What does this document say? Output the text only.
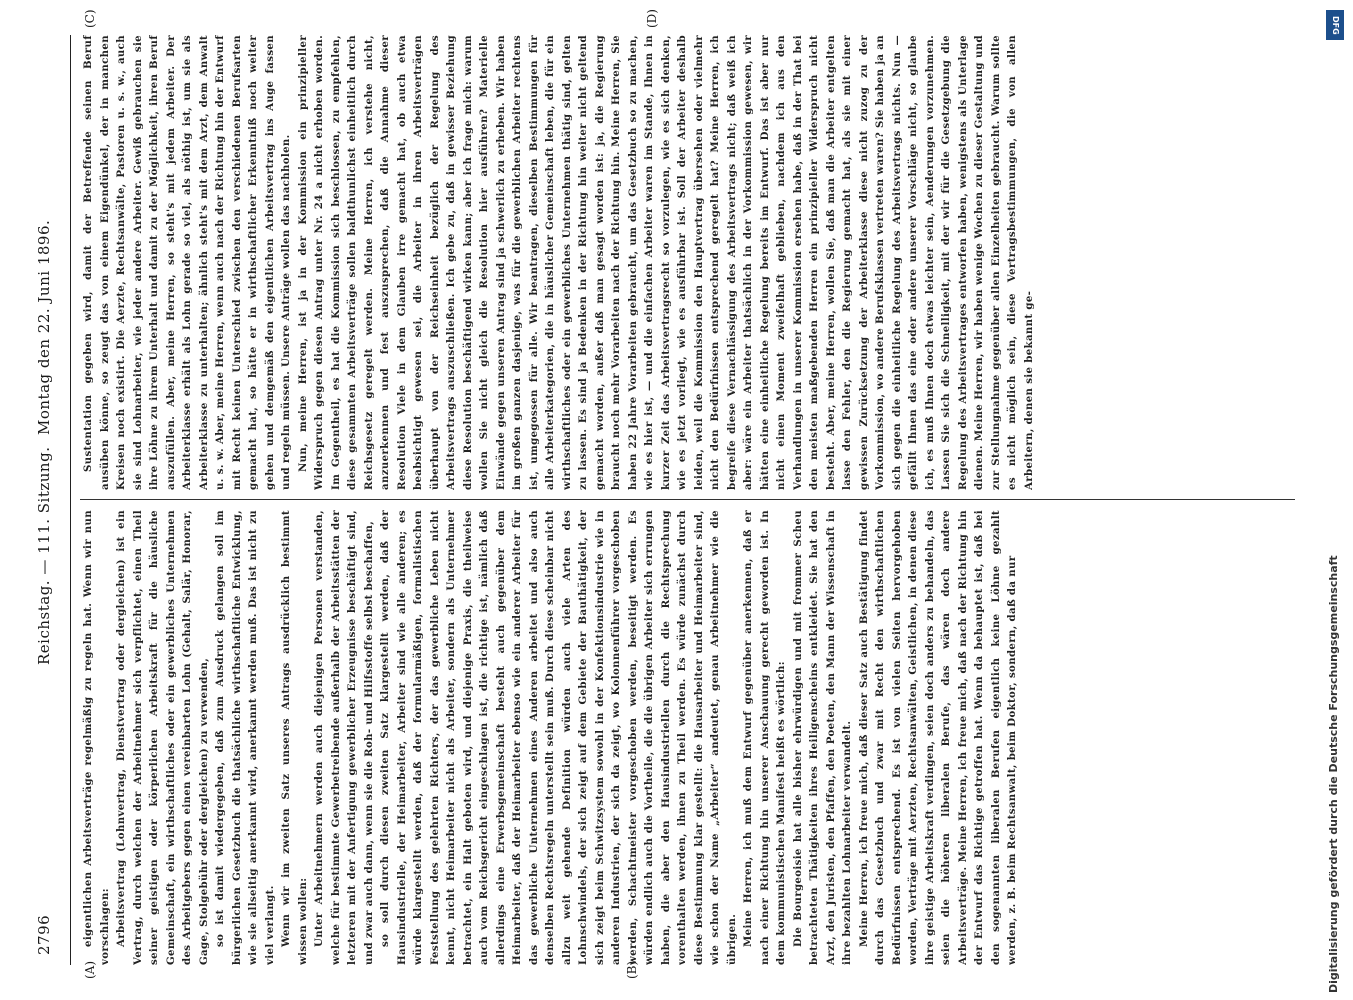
2796
Reichstag. — 111. Sitzung.
Montag den 22. Juni 1896.
(A)	(B)
(C)	(D)

eigentlichen Arbeitsverträge regelmäßig zu regeln hat. Wenn wir nun vorschlagen: Arbeitsvertrag (Lohnvertrag, Dienstvertrag oder dergleichen) ist ein Vertrag, durch welchen der Arbeitnehmer sich verpflichtet, einen Theil seiner geistigen oder körperlichen Arbeitskraft für die häusliche Gemeinschaft, ein wirthschaftliches oder ein gewerbliches Unternehmen des Arbeitgebers gegen einen vereinbarten Lohn (Gehalt, Salär, Honorar, Gage, Stolgebühr oder dergleichen) zu verwenden, so ist damit wiedergegeben, daß zum Ausdruck gelangen soll im bürgerlichen Gesetzbuch die thatsächliche wirthschaftliche Entwicklung, wie sie allseitig anerkannt wird, anerkannt werden muß. Das ist nicht zu viel verlangt. Wenn wir im zweiten Satz unseres Antrags ausdrücklich bestimmt wissen wollen: Unter Arbeitnehmern werden auch diejenigen Personen verstanden, welche für bestimmte Gewerbetreibende außerhalb der Arbeitsstätten der letzteren mit der Anfertigung gewerblicher Erzeugnisse beschäftigt sind, und zwar auch dann, wenn sie die Roh- und Hilfsstoffe selbst beschaffen, so soll durch diesen zweiten Satz klargestellt werden, daß der Hausindustrielle, der Heimarbeiter, Arbeiter sind wie alle anderen; es würde klargestellt werden, daß der formularmäßigen, formalistischen Feststellung des gelehrten Richters, der das gewerbliche Leben nicht kennt, nicht Heimarbeiter nicht als Arbeiter, sondern als Unternehmer betrachtet, ein Halt geboten wird, und diejenige Praxis, die theilweise auch vom Reichsgericht eingeschlagen ist, die richtige ist, nämlich daß allerdings eine Erwerbsgemeinschaft besteht auch gegenüber dem Heimarbeiter, daß der Heimarbeiter ebenso wie ein anderer Arbeiter für das gewerbliche Unternehmen eines Anderen arbeitet und also auch denselben Rechtsregeln unterstellt sein muß. Durch diese scheinbar nicht allzu weit gehende Definition würden auch viele Arten des Lohnschwindels, der sich zeigt auf dem Gebiete der Bauthätigkeit, der sich zeigt beim Schwitzsystem sowohl in der Konfektionsindustrie wie in anderen Industrien, der sich da zeigt, wo Kolonnenführer vorgeschoben werden, Schachtmeister vorgeschoben werden, beseitigt werden. Es würden endlich auch die Vortheile, die die übrigen Arbeiter sich errungen haben, die aber den Hausindustriellen durch die Rechtsprechung vorenthalten werden, ihnen zu Theil werden. Es würde zunächst durch diese Bestimmung klar gestellt: die Hausarbeiter und Heimarbeiter sind, wie schon der Name „Arbeiter“ andeutet, genau Arbeitnehmer wie die übrigen. Meine Herren, ich muß dem Entwurf gegenüber anerkennen, daß er nach einer Richtung hin unserer Anschauung gerecht geworden ist. In dem kommunistischen Manifest heißt es wörtlich: Die Bourgeoisie hat alle bisher ehrwürdigen und mit frommer Scheu betrachteten Thätigkeiten ihres Heiligenscheins entkleidet. Sie hat den Arzt, den Juristen, den Pfaffen, den Poeten, den Mann der Wissenschaft in ihre bezahlten Lohnarbeiter verwandelt. Meine Herren, ich freue mich, daß dieser Satz auch Bestätigung findet durch das Gesetzbuch und zwar mit Recht den wirthschaftlichen Bedürfnissen entsprechend. Es ist von vielen Seiten hervorgehoben worden, Verträge mit Aerzten, Rechtsanwälten, Geistlichen, in denen diese ihre geistige Arbeitskraft verdingen, seien doch anders zu behandeln, das seien die höheren liberalen Berufe, das wären doch andere Arbeitsverträge. Meine Herren, ich freue mich, daß nach der Richtung hin der Entwurf das Richtige getroffen hat. Wenn da behauptet ist, daß bei den sogenannten liberalen Berufen eigentlich keine Löhne gezahlt werden, z. B. beim Rechtsanwalt, beim Doktor, sondern, daß da nur

Sustentation gegeben wird, damit der Betreffende seinen Beruf ausüben könne, so zeugt das von einem Eigendünkel, der in manchen Kreisen noch existirt. Die Aerzte, Rechtsanwälte, Pastoren u. s. w., auch sie sind Lohnarbeiter, wie jeder andere Arbeiter. Gewiß gebrauchen sie ihre Löhne zu ihrem Unterhalt und damit zu der Möglichkeit, ihren Beruf auszufüllen. Aber, meine Herren, so steht's mit jedem Arbeiter. Der Arbeiterklasse erhält als Lohn gerade so viel, als nöthig ist, um sie als Arbeiterklasse zu unterhalten; ähnlich steht's mit dem Arzt, dem Anwalt u. s. w. Aber, meine Herren, wenn auch nach der Richtung hin der Entwurf mit Recht keinen Unterschied zwischen den verschiedenen Berufsarten gemacht hat, so hätte er in wirthschaftlicher Erkenntniß noch weiter gehen und demgemäß den eigentlichen Arbeitsvertrag ins Auge fassen und regeln müssen. Unsere Anträge wollen das nachholen. Nun, meine Herren, ist ja in der Kommission ein prinzipieller Widerspruch gegen diesen Antrag unter Nr. 24 a nicht erhoben worden. Im Gegentheil, es hat die Kommission sich beschlossen, zu empfehlen, diese gesammten Arbeitsverträge sollen baldthunlichst einheitlich durch Reichsgesetz geregelt werden. Meine Herren, ich verstehe nicht, anzuerkennen und fest auszusprechen, daß die Annahme dieser Resolution Viele in dem Glauben irre gemacht hat, ob auch etwa beabsichtigt gewesen sei, die Arbeiter in ihren Arbeitsverträgen überhaupt von der Reichseinheit bezüglich der Regelung des Arbeitsvertrags auszuschließen. Ich gebe zu, daß in gewisser Beziehung diese Resolution beschäftigend wirken kann; aber ich frage mich: warum wollen Sie nicht gleich die Resolution hier ausführen? Materielle Einwände gegen unseren Antrag sind ja schwerlich zu erheben. Wir haben im großen ganzen dasjenige, was für die gewerblichen Arbeiter rechtens ist, umgegossen für alle. Wir beantragen, dieselben Bestimmungen für alle Arbeiterkategorien, die in häuslicher Gemeinschaft leben, die für ein wirthschaftliches oder ein gewerbliches Unternehmen thätig sind, gelten zu lassen. Es sind ja Bedenken in der Richtung hin weiter nicht geltend gemacht worden, außer daß man gesagt worden ist: ja, die Regierung braucht noch mehr Vorarbeiten nach der Richtung hin. Meine Herren, Sie haben 22 Jahre Vorarbeiten gebraucht, um das Gesetzbuch so zu machen, wie es hier ist, — und die einfachen Arbeiter waren im Stande, Ihnen in kurzer Zeit das Arbeitsvertragsrecht so vorzulegen, wie es sich denken, wie es jetzt vorliegt, wie es ausführbar ist. Soll der Arbeiter deshalb leiden, weil die Kommission den Hauptvertrag übersehen oder vielmehr nicht den Bedürfnissen entsprechend geregelt hat? Meine Herren, ich begreife diese Vernachlässigung des Arbeitsvertrags nicht; daß weiß ich aber: wäre ein Arbeiter thatsächlich in der Vorkommission gewesen, wir hätten eine einheitliche Regelung bereits im Entwurf. Das ist aber nur nicht einen Moment zweifelhaft geblieben, nachdem ich aus den Verhandlungen in unserer Kommission ersehen habe, daß in der That bei den meisten maßgebenden Herren ein prinzipieller Widerspruch nicht besteht. Aber, meine Herren, wollen Sie, daß man die Arbeiter entgelten lasse den Fehler, den die Regierung gemacht hat, als sie mit einer gewissen Zurücksetzung der Arbeiterklasse diese nicht zuzog zu der Vorkommission, wo andere Berufsklassen vertreten waren? Sie haben ja an sich gegen die einheitliche Regelung des Arbeitsvertrags nichts. Nun — gefällt Ihnen das eine oder andere unserer Vorschläge nicht, so glaube ich, es muß Ihnen doch etwas leichter sein, Aenderungen vorzunehmen. Lassen Sie sich die Schnelligkeit, mit der wir für die Gesetzgebung die Regelung des Arbeitsvertrages entworfen haben, wenigstens als Unterlage dienen. Meine Herren, wir haben wenige Wochen zu dieser Gestaltung und zur Stellungnahme gegenüber allen Einzelheiten gebraucht. Warum sollte es nicht möglich sein, diese Vertragsbestimmungen, die von allen Arbeitern, denen sie bekannt ge-

Digitalisierung gefördert durch die Deutsche Forschungsgemeinschaft
DFG
